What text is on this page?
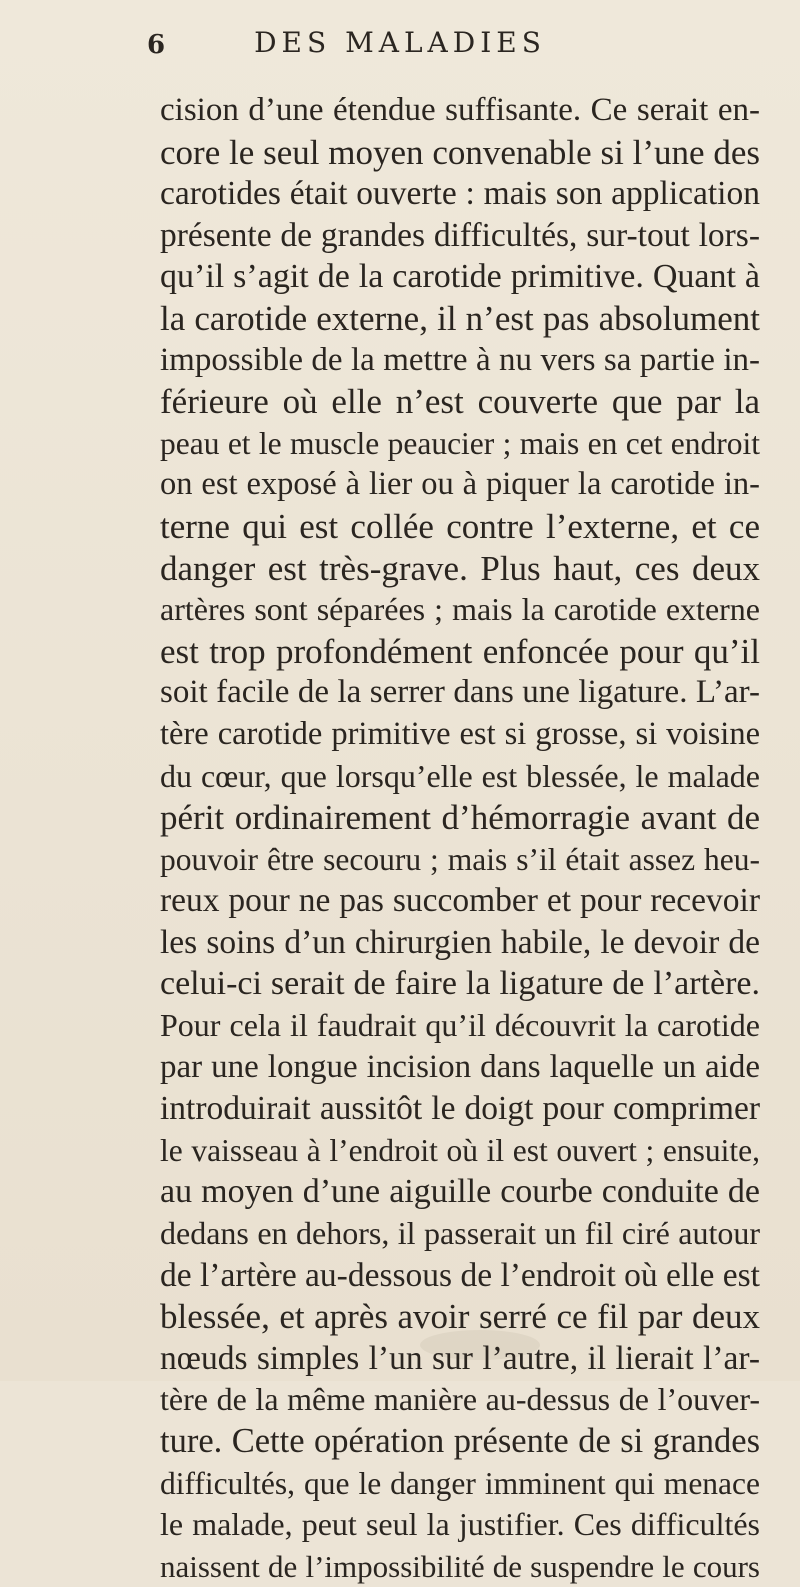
6	DES MALADIES
cision d’une étendue suffisante. Ce serait en-
core le seul moyen convenable si l’une des
carotides était ouverte : mais son application
présente de grandes difficultés, sur-tout lors-
qu’il s’agit de la carotide primitive. Quant à
la carotide externe, il n’est pas absolument
impossible de la mettre à nu vers sa partie in-
férieure où elle n’est couverte que par la
peau et le muscle peaucier ; mais en cet endroit
on est exposé à lier ou à piquer la carotide in-
terne qui est collée contre l’externe, et ce
danger est très-grave. Plus haut, ces deux
artères sont séparées ; mais la carotide externe
est trop profondément enfoncée pour qu’il
soit facile de la serrer dans une ligature. L’ar-
tère carotide primitive est si grosse, si voisine
du cœur, que lorsqu’elle est blessée, le malade
périt ordinairement d’hémorragie avant de
pouvoir être secouru ; mais s’il était assez heu-
reux pour ne pas succomber et pour recevoir
les soins d’un chirurgien habile, le devoir de
celui-ci serait de faire la ligature de l’artère.
Pour cela il faudrait qu’il découvrit la carotide
par une longue incision dans laquelle un aide
introduirait aussitôt le doigt pour comprimer
le vaisseau à l’endroit où il est ouvert ; ensuite,
au moyen d’une aiguille courbe conduite de
dedans en dehors, il passerait un fil ciré autour
de l’artère au-dessous de l’endroit où elle est
blessée, et après avoir serré ce fil par deux
nœuds simples l’un sur l’autre, il lierait l’ar-
tère de la même manière au-dessus de l’ouver-
ture. Cette opération présente de si grandes
difficultés, que le danger imminent qui menace
le malade, peut seul la justifier. Ces difficultés
naissent de l’impossibilité de suspendre le cours
